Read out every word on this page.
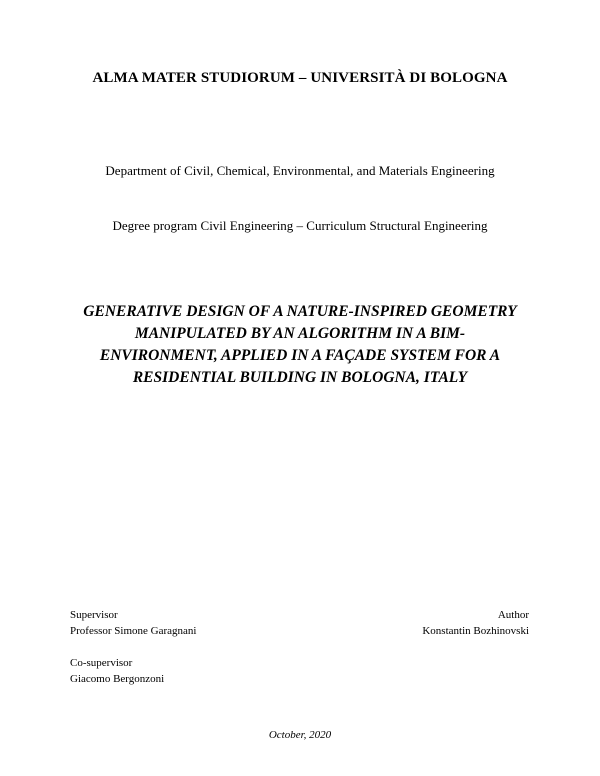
ALMA MATER STUDIORUM – UNIVERSITÀ DI BOLOGNA
Department of Civil, Chemical, Environmental, and Materials Engineering
Degree program Civil Engineering – Curriculum Structural Engineering
GENERATIVE DESIGN OF A NATURE-INSPIRED GEOMETRY
MANIPULATED BY AN ALGORITHM IN A BIM-
ENVIRONMENT, APPLIED IN A FAÇADE SYSTEM FOR A
RESIDENTIAL BUILDING IN BOLOGNA, ITALY
Supervisor
Professor Simone Garagnani
Author
Konstantin Bozhinovski
Co-supervisor
Giacomo Bergonzoni
October, 2020
